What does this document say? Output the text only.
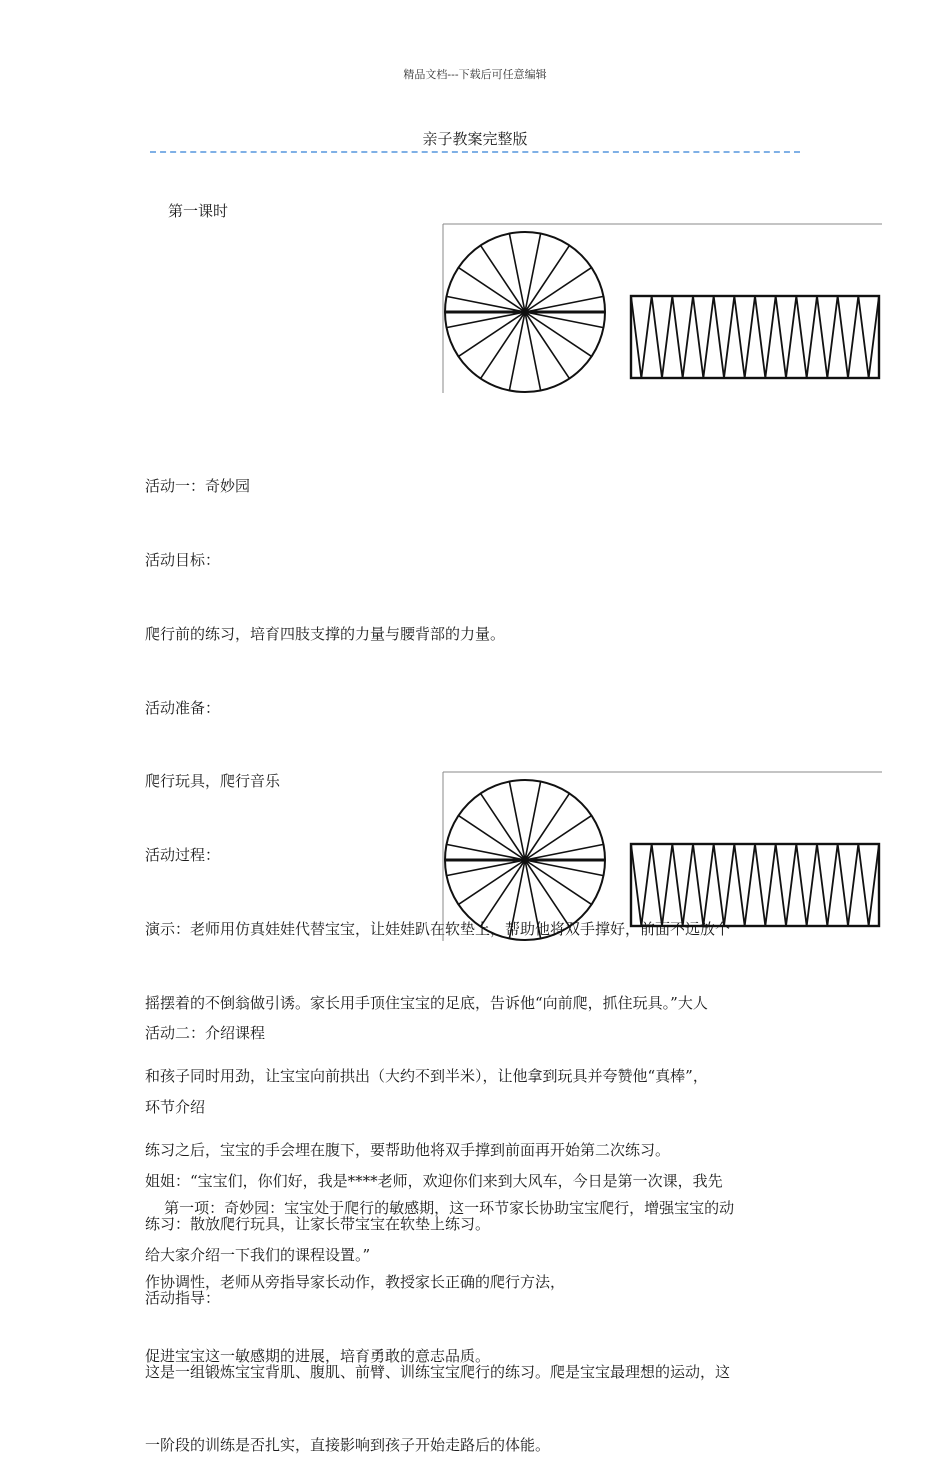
精品文档---下载后可任意编辑
亲子教案完整版
第一课时

活动一：奇妙园

活动目标：

爬行前的练习，培育四肢支撑的力量与腰背部的力量。

活动准备：

爬行玩具，爬行音乐

活动过程：

演示：老师用仿真娃娃代替宝宝，让娃娃趴在软垫上，帮助他将双手撑好，前面不远放个

摇摆着的不倒翁做引诱。家长用手顶住宝宝的足底，告诉他“向前爬，抓住玩具。”大人

和孩子同时用劲，让宝宝向前拱出（大约不到半米），让他拿到玩具并夸赞他“真棒”，

练习之后，宝宝的手会埋在腹下，要帮助他将双手撑到前面再开始第二次练习。

练习：散放爬行玩具，让家长带宝宝在软垫上练习。

活动指导：

这是一组锻炼宝宝背肌、腹肌、前臂、训练宝宝爬行的练习。爬是宝宝最理想的运动，这

一阶段的训练是否扎实，直接影响到孩子开始走路后的体能。

活动二：介绍课程

环节介绍

姐姐：“宝宝们，你们好，我是****老师，欢迎你们来到大风车，今日是第一次课，我先

给大家介绍一下我们的课程设置。”

第一项：奇妙园：宝宝处于爬行的敏感期，这一环节家长协助宝宝爬行，增强宝宝的动

作协调性，老师从旁指导家长动作，教授家长正确的爬行方法，

促进宝宝这一敏感期的进展，培育勇敢的意志品质。
